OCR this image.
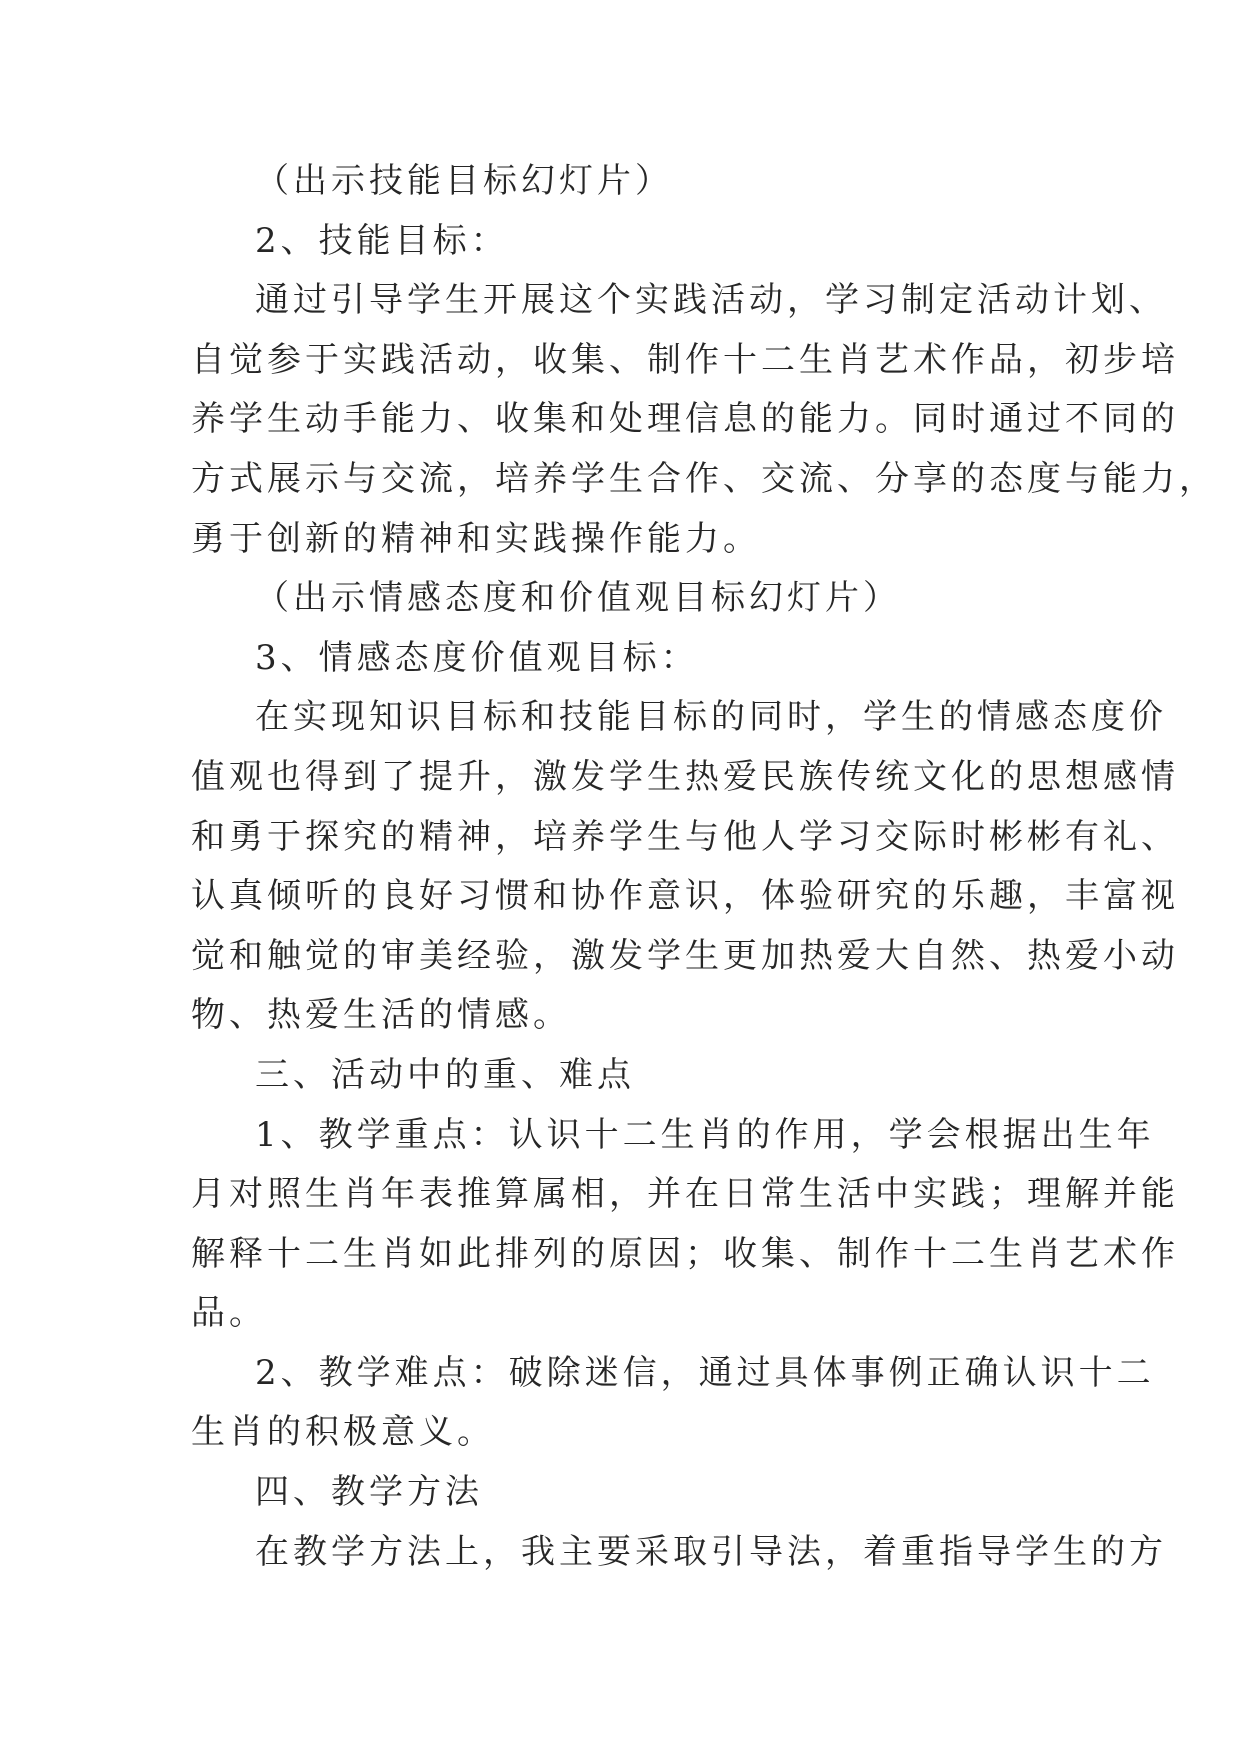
（出示技能目标幻灯片）
2、技能目标：
通过引导学生开展这个实践活动，学习制定活动计划、
自觉参于实践活动，收集、制作十二生肖艺术作品，初步培
养学生动手能力、收集和处理信息的能力。同时通过不同的
方式展示与交流，培养学生合作、交流、分享的态度与能力，
勇于创新的精神和实践操作能力。
（出示情感态度和价值观目标幻灯片）
3、情感态度价值观目标：
在实现知识目标和技能目标的同时，学生的情感态度价
值观也得到了提升，激发学生热爱民族传统文化的思想感情
和勇于探究的精神，培养学生与他人学习交际时彬彬有礼、
认真倾听的良好习惯和协作意识，体验研究的乐趣，丰富视
觉和触觉的审美经验，激发学生更加热爱大自然、热爱小动
物、热爱生活的情感。
三、活动中的重、难点
1、教学重点：认识十二生肖的作用，学会根据出生年
月对照生肖年表推算属相，并在日常生活中实践；理解并能
解释十二生肖如此排列的原因；收集、制作十二生肖艺术作
品。
2、教学难点：破除迷信，通过具体事例正确认识十二
生肖的积极意义。
四、教学方法
在教学方法上，我主要采取引导法，着重指导学生的方
